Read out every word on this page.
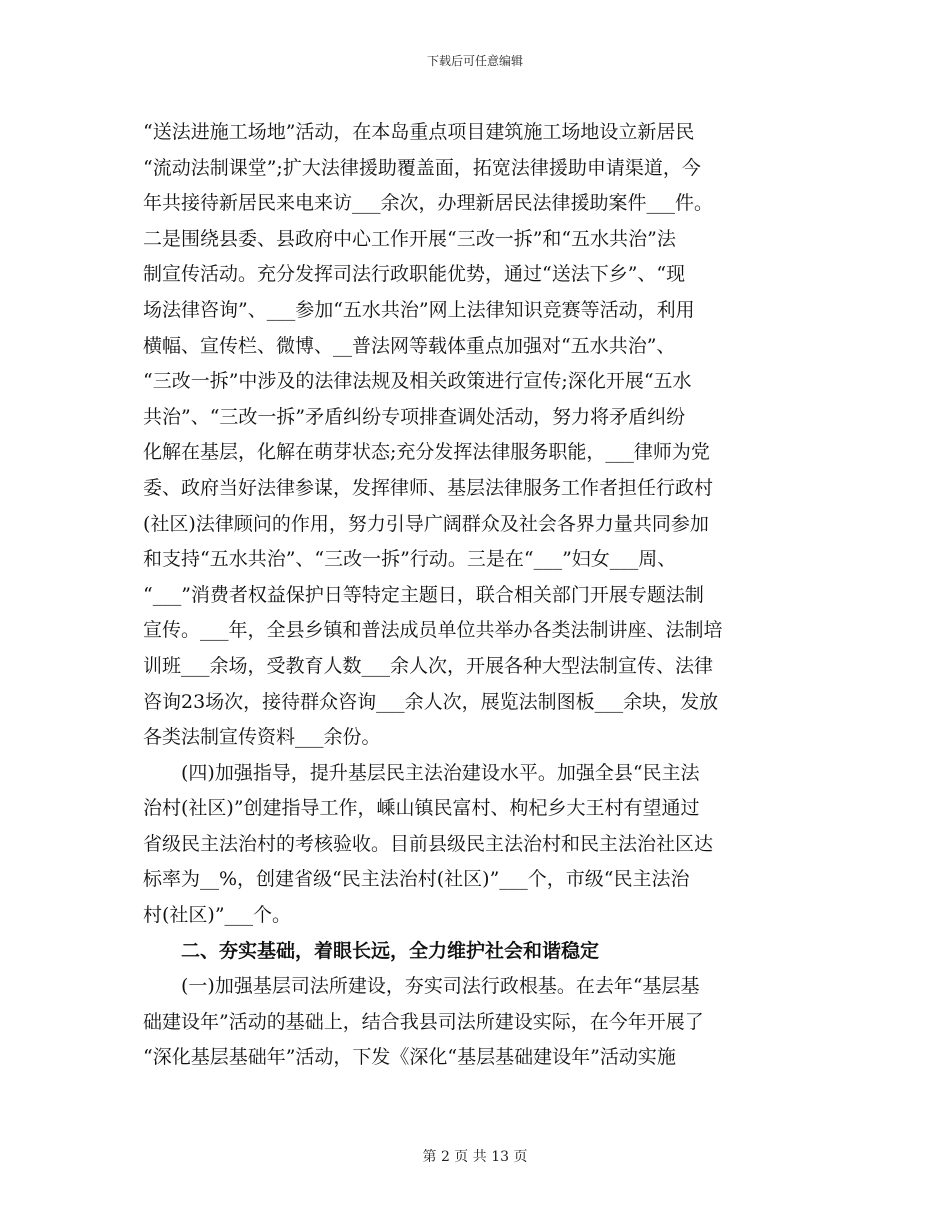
下载后可任意编辑
“送法进施工场地”活动，在本岛重点项目建筑施工场地设立新居民
“流动法制课堂”;扩大法律援助覆盖面，拓宽法律援助申请渠道，今
年共接待新居民来电来访___余次，办理新居民法律援助案件___件。
二是围绕县委、县政府中心工作开展“三改一拆”和“五水共治”法
制宣传活动。充分发挥司法行政职能优势，通过“送法下乡”、“现
场法律咨询”、___参加“五水共治”网上法律知识竞赛等活动，利用
横幅、宣传栏、微博、__普法网等载体重点加强对“五水共治”、
“三改一拆”中涉及的法律法规及相关政策进行宣传;深化开展“五水
共治”、“三改一拆”矛盾纠纷专项排查调处活动，努力将矛盾纠纷
化解在基层，化解在萌芽状态;充分发挥法律服务职能，___律师为党
委、政府当好法律参谋，发挥律师、基层法律服务工作者担任行政村
(社区)法律顾问的作用，努力引导广阔群众及社会各界力量共同参加
和支持“五水共治”、“三改一拆”行动。三是在“___”妇女___周、
“___”消费者权益保护日等特定主题日，联合相关部门开展专题法制
宣传。___年，全县乡镇和普法成员单位共举办各类法制讲座、法制培
训班___余场，受教育人数___余人次，开展各种大型法制宣传、法律
咨询23场次，接待群众咨询___余人次，展览法制图板___余块，发放
各类法制宣传资料___余份。
　　(四)加强指导，提升基层民主法治建设水平。加强全县“民主法
治村(社区)”创建指导工作，嵊山镇民富村、枸杞乡大王村有望通过
省级民主法治村的考核验收。目前县级民主法治村和民主法治社区达
标率为__%，创建省级“民主法治村(社区)”___个，市级“民主法治
村(社区)”___个。
　　二、夯实基础，着眼长远，全力维护社会和谐稳定
　　(一)加强基层司法所建设，夯实司法行政根基。在去年“基层基
础建设年”活动的基础上，结合我县司法所建设实际，在今年开展了
“深化基层基础年”活动，下发《深化“基层基础建设年”活动实施
第 2 页 共 13 页
